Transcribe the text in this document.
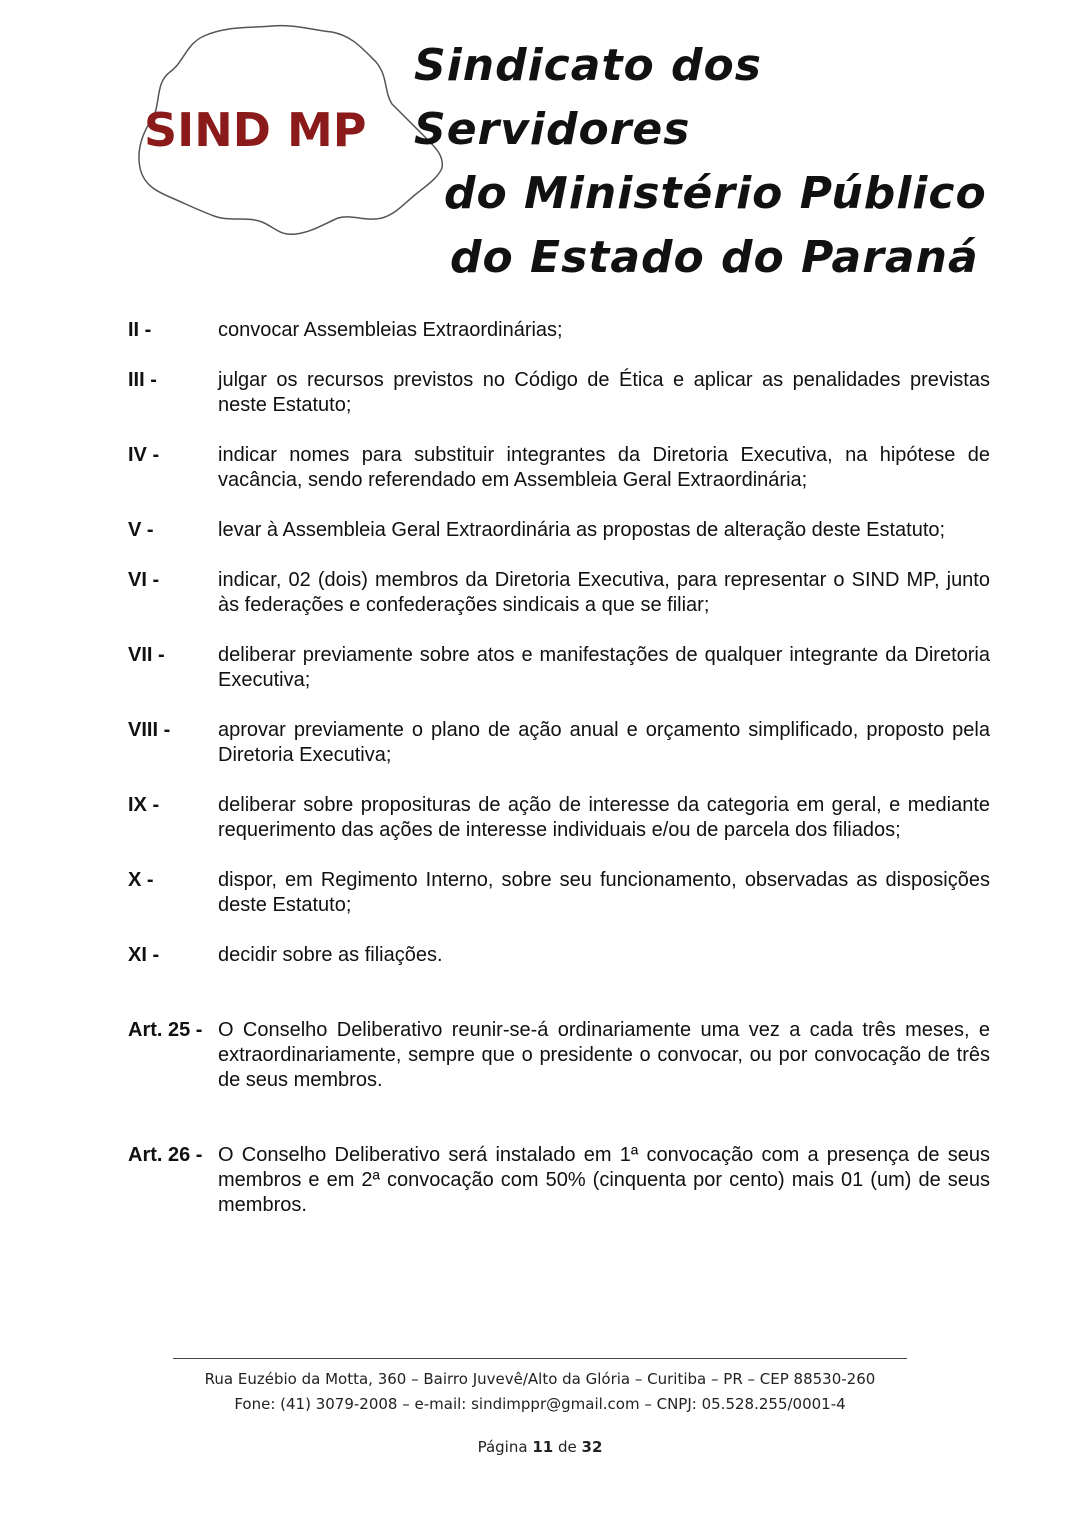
SIND MP
Sindicato dos Servidores
do Ministério Público
do Estado do Paraná
II -	convocar Assembleias Extraordinárias;
III -	julgar os recursos previstos no Código de Ética e aplicar as penalidades previstas neste Estatuto;
IV -	indicar nomes para substituir integrantes da Diretoria Executiva, na hipótese de vacância, sendo referendado em Assembleia Geral Extraordinária;
V -	levar à Assembleia Geral Extraordinária as propostas de alteração deste Estatuto;
VI -	indicar, 02 (dois) membros da Diretoria Executiva, para representar o SIND MP, junto às federações e confederações sindicais a que se filiar;
VII -	deliberar previamente sobre atos e manifestações de qualquer integrante da Diretoria Executiva;
VIII -	aprovar previamente o plano de ação anual e orçamento simplificado, proposto pela Diretoria Executiva;
IX -	deliberar sobre proposituras de ação de interesse da categoria em geral, e mediante requerimento das ações de interesse individuais e/ou de parcela dos filiados;
X -	dispor, em Regimento Interno, sobre seu funcionamento, observadas as disposições deste Estatuto;
XI -	decidir sobre as filiações.
Art. 25 - O Conselho Deliberativo reunir-se-á ordinariamente uma vez a cada três meses, e extraordinariamente, sempre que o presidente o convocar, ou por convocação de três de seus membros.
Art. 26 - O Conselho Deliberativo será instalado em 1ª convocação com a presença de seus membros e em 2ª convocação com 50% (cinquenta por cento) mais 01 (um) de seus membros.

Rua Euzébio da Motta, 360 – Bairro Juvevê/Alto da Glória – Curitiba – PR – CEP 88530-260

Fone: (41) 3079-2008 – e-mail: sindimppr@gmail.com – CNPJ: 05.528.255/0001-4

Página 11 de 32
